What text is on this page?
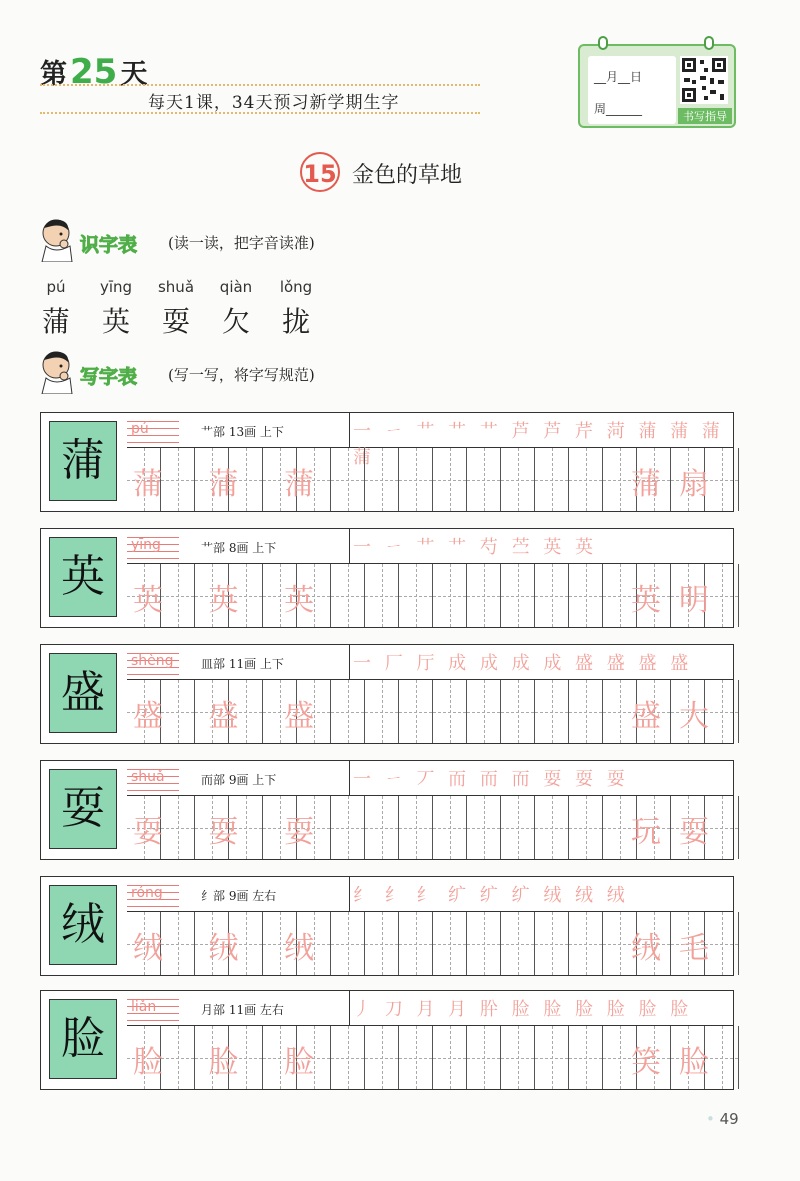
第25 天
每天1课，34天预习新学期生字
__月__日
周______
书写指导
15 金色的草地
识字表 (读一读，把字音读准)
pú	yīng	shuǎ	qiàn	lǒng
蒲	英	耍	欠	拢
写字表 (写一写，将字写规范)
蒲
pú	艹部 13画 上下	一 ㄧ 艹 艹 艹 芦 芦 芹 菏 蒲 蒲 蒲 蒲
蒲 蒲 蒲	蒲扇
英
yīng	艹部 8画 上下	一 ㄧ 艹 艹 芍 苎 英 英
英 英 英	英明
盛
shèng 皿部 11画 上下	一 厂 厅 成 成 成 成 盛 盛 盛 盛
盛 盛 盛	盛大
耍
shuǎ	而部 9画 上下	一 ㄧ 丆 而 而 而 耍 耍 耍
耍 耍 耍	玩耍
绒
róng	纟部 9画 左右	纟 纟 纟 纩 纩 纩 绒 绒 绒
绒 绒 绒	绒毛
脸
liǎn	月部 11画 左右	丿 刀 月 月 肸 脸 脸 脸 脸 脸 脸
脸 脸 脸	笑脸
• 49
